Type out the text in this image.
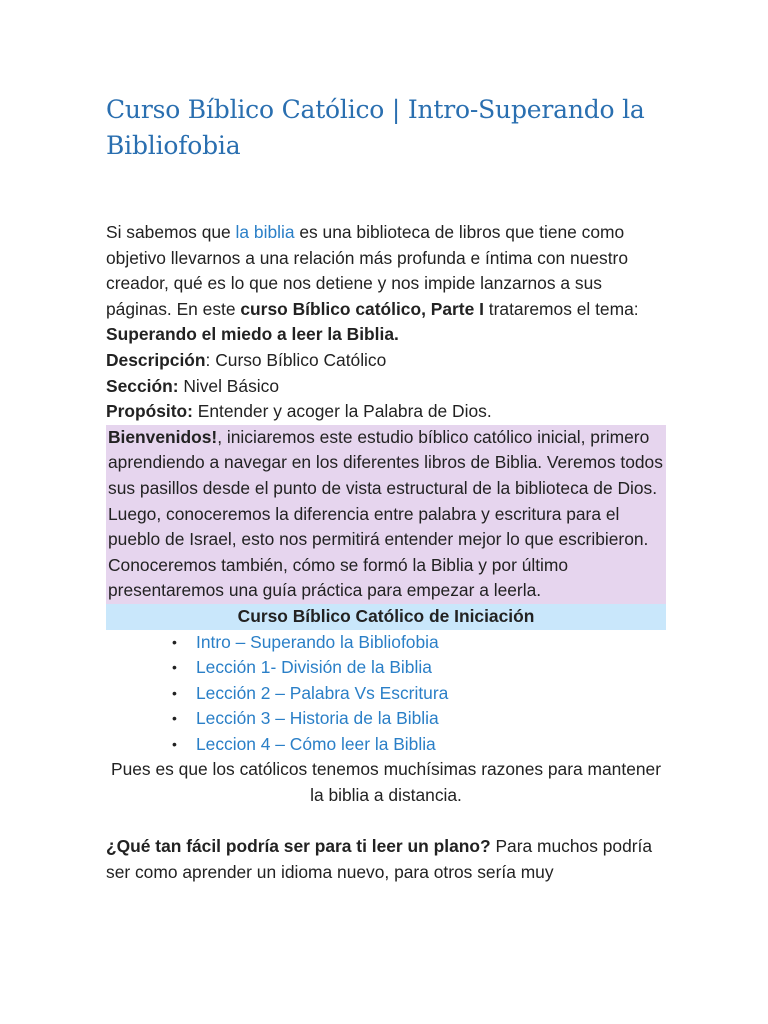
Curso Bíblico Católico | Intro-Superando la Bibliofobia

Si sabemos que la biblia es una biblioteca de libros que tiene como objetivo llevarnos a una relación más profunda e íntima con nuestro creador, qué es lo que nos detiene y nos impide lanzarnos a sus páginas. En este curso Bíblico católico, Parte I trataremos el tema: Superando el miedo a leer la Biblia.

Descripción: Curso Bíblico Católico

Sección: Nivel Básico

Propósito: Entender y acoger la Palabra de Dios.

Bienvenidos!, iniciaremos este estudio bíblico católico inicial, primero aprendiendo a navegar en los diferentes libros de Biblia. Veremos todos sus pasillos desde el punto de vista estructural de la biblioteca de Dios. Luego, conoceremos la diferencia entre palabra y escritura para el pueblo de Israel, esto nos permitirá entender mejor lo que escribieron. Conoceremos también, cómo se formó la Biblia y por último presentaremos una guía práctica para empezar a leerla.

Curso Bíblico Católico de Iniciación

• Intro – Superando la Bibliofobia
• Lección 1- División de la Biblia
• Lección 2 – Palabra Vs Escritura
• Lección 3 – Historia de la Biblia
• Leccion 4 – Cómo leer la Biblia

Pues es que los católicos tenemos muchísimas razones para mantener la biblia a distancia.

¿Qué tan fácil podría ser para ti leer un plano? Para muchos podría ser como aprender un idioma nuevo, para otros sería muy
